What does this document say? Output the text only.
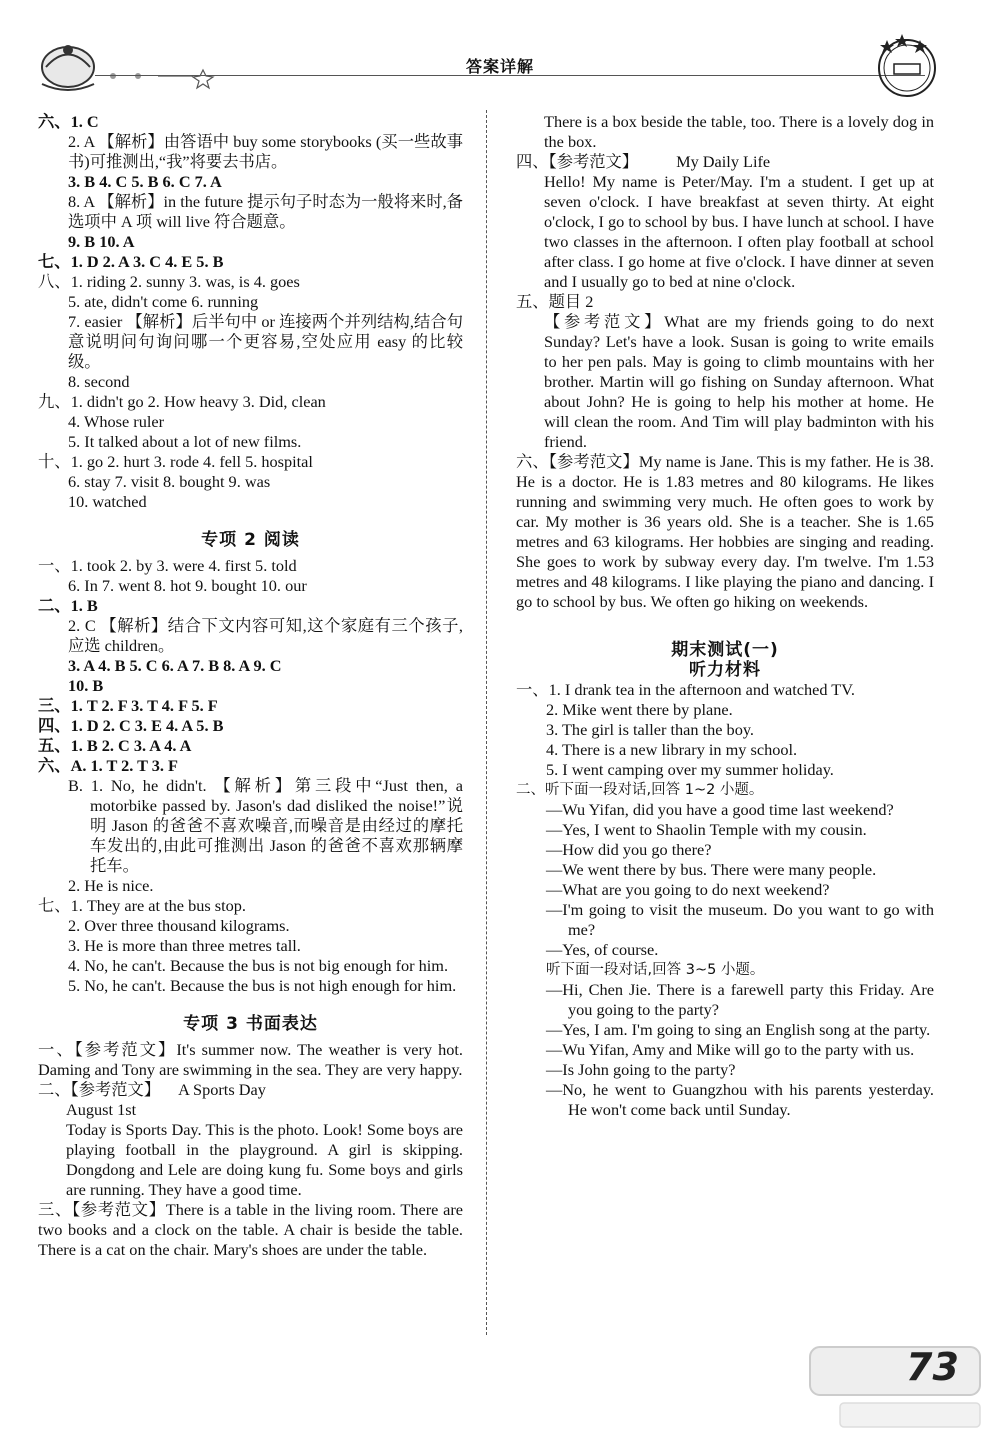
答案详解
六、1. C
2. A 【解析】由答语中 buy some storybooks (买一些故事书)可推测出,“我”将要去书店。
3. B 4. C 5. B 6. C 7. A
8. A 【解析】in the future 提示句子时态为一般将来时,备选项中 A 项 will live 符合题意。
9. B 10. A
七、1. D 2. A 3. C 4. E 5. B
八、1. riding 2. sunny 3. was, is 4. goes
5. ate, didn't come 6. running
7. easier 【解析】后半句中 or 连接两个并列结构,结合句意说明问句询问哪一个更容易,空处应用 easy 的比较级。
8. second
九、1. didn't go 2. How heavy 3. Did, clean
4. Whose ruler
5. It talked about a lot of new films.
十、1. go 2. hurt 3. rode 4. fell 5. hospital
6. stay 7. visit 8. bought 9. was
10. watched
专项 2 阅读
一、1. took 2. by 3. were 4. first 5. told
6. In 7. went 8. hot 9. bought 10. our
二、1. B
2. C 【解析】结合下文内容可知,这个家庭有三个孩子,应选 children。
3. A 4. B 5. C 6. A 7. B 8. A 9. C
10. B
三、1. T 2. F 3. T 4. F 5. F
四、1. D 2. C 3. E 4. A 5. B
五、1. B 2. C 3. A 4. A
六、A. 1. T 2. T 3. F
B. 1. No, he didn't. 【解析】第三段中“Just then, a motorbike passed by. Jason's dad disliked the noise!”说明 Jason 的爸爸不喜欢噪音,而噪音是由经过的摩托车发出的,由此可推测出 Jason 的爸爸不喜欢那辆摩托车。
2. He is nice.
七、1. They are at the bus stop.
2. Over three thousand kilograms.
3. He is more than three metres tall.
4. No, he can't. Because the bus is not big enough for him.
5. No, he can't. Because the bus is not high enough for him.
专项 3 书面表达
一、【参考范文】It's summer now. The weather is very hot. Daming and Tony are swimming in the sea. They are very happy.
二、【参考范文】 A Sports Day
August 1st
Today is Sports Day. This is the photo. Look! Some boys are playing football in the playground. A girl is skipping. Dongdong and Lele are doing kung fu. Some boys and girls are running. They have a good time.
三、【参考范文】There is a table in the living room. There are two books and a clock on the table. A chair is beside the table. There is a cat on the chair. Mary's shoes are under the table.
There is a box beside the table, too. There is a lovely dog in the box.
四、【参考范文】 My Daily Life
Hello! My name is Peter/May. I'm a student. I get up at seven o'clock. I have breakfast at seven thirty. At eight o'clock, I go to school by bus. I have lunch at school. I have two classes in the afternoon. I often play football at school after class. I go home at five o'clock. I have dinner at seven and I usually go to bed at nine o'clock.
五、题目 2
【参考范文】What are my friends going to do next Sunday? Let's have a look. Susan is going to write emails to her pen pals. May is going to climb mountains with her brother. Martin will go fishing on Sunday afternoon. What about John? He is going to help his mother at home. He will clean the room. And Tim will play badminton with his friend.
六、【参考范文】My name is Jane. This is my father. He is 38. He is a doctor. He is 1.83 metres and 80 kilograms. He likes running and swimming very much. He often goes to work by car. My mother is 36 years old. She is a teacher. She is 1.65 metres and 63 kilograms. Her hobbies are singing and reading. She goes to work by subway every day. I'm twelve. I'm 1.53 metres and 48 kilograms. I like playing the piano and dancing. I go to school by bus. We often go hiking on weekends.
期末测试(一)
听力材料
一、1. I drank tea in the afternoon and watched TV.
2. Mike went there by plane.
3. The girl is taller than the boy.
4. There is a new library in my school.
5. I went camping over my summer holiday.
二、听下面一段对话,回答 1~2 小题。
—Wu Yifan, did you have a good time last weekend?
—Yes, I went to Shaolin Temple with my cousin.
—How did you go there?
—We went there by bus. There were many people.
—What are you going to do next weekend?
—I'm going to visit the museum. Do you want to go with me?
—Yes, of course.
听下面一段对话,回答 3~5 小题。
—Hi, Chen Jie. There is a farewell party this Friday. Are you going to the party?
—Yes, I am. I'm going to sing an English song at the party.
—Wu Yifan, Amy and Mike will go to the party with us.
—Is John going to the party?
—No, he went to Guangzhou with his parents yesterday. He won't come back until Sunday.
73
